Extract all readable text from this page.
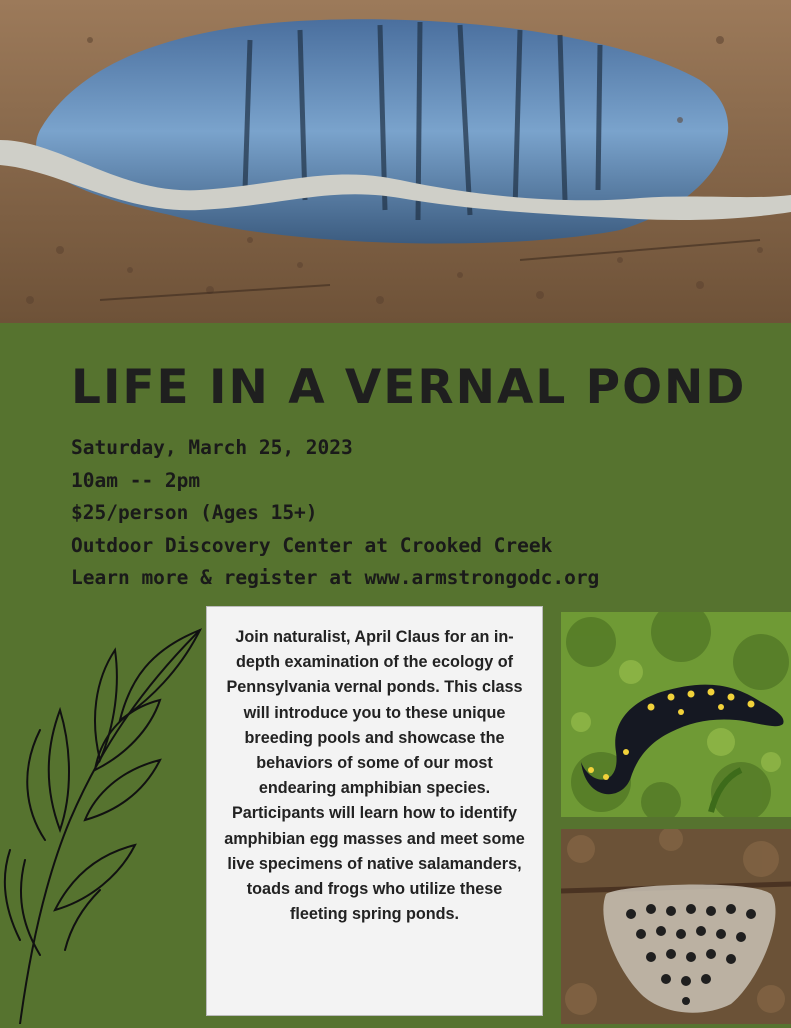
LIFE IN A VERNAL POND
Saturday, March 25, 2023
10am -- 2pm
$25/person (Ages 15+)
Outdoor Discovery Center at Crooked Creek
Learn more & register at www.armstrongodc.org

Join naturalist, April Claus for an in-depth examination of the ecology of Pennsylvania vernal ponds. This class will introduce you to these unique breeding pools and showcase the behaviors of some of our most endearing amphibian species. Participants will learn how to identify amphibian egg masses and meet some live specimens of native salamanders, toads and frogs who utilize these fleeting spring ponds.
